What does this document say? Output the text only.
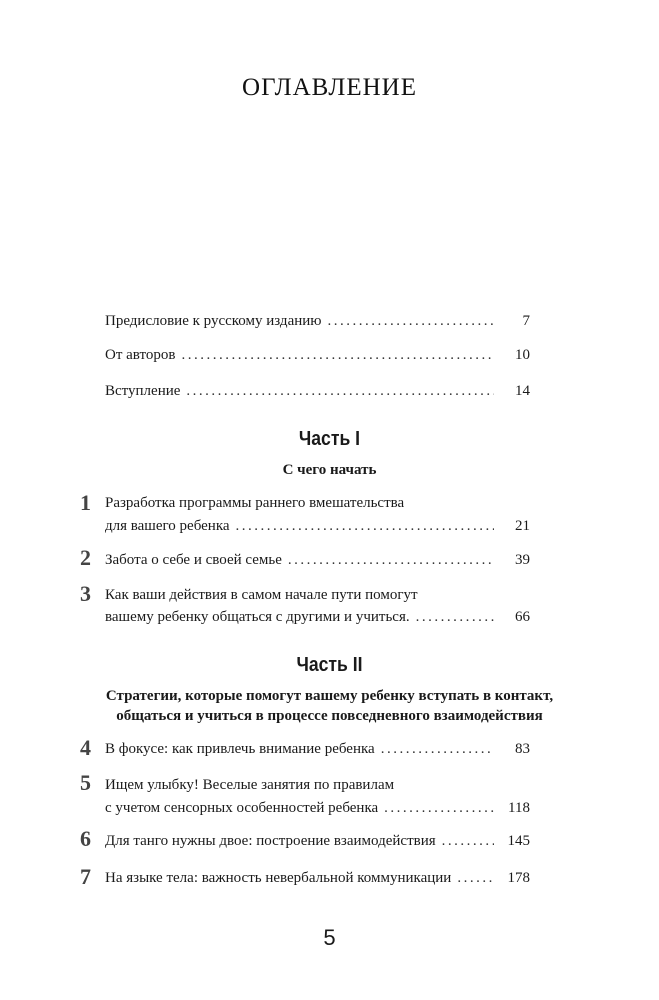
ОГЛАВЛЕНИЕ
Предисловие к русскому изданию .....	7
От авторов .....	10
Вступление .....	14
Часть I
С чего начать
1 Разработка программы раннего вмешательства
для вашего ребенка .....	21
2 Забота о себе и своей семье .....	39
3 Как ваши действия в самом начале пути помогут
вашему ребенку общаться с другими и учиться. .....	66
Часть II
Стратегии, которые помогут вашему ребенку вступать в контакт,
общаться и учиться в процессе повседневного взаимодействия
4 В фокусе: как привлечь внимание ребенка .....	83
5 Ищем улыбку! Веселые занятия по правилам
с учетом сенсорных особенностей ребенка .....	118
6 Для танго нужны двое: построение взаимодействия .....	145
7 На языке тела: важность невербальной коммуникации .....	178
5
